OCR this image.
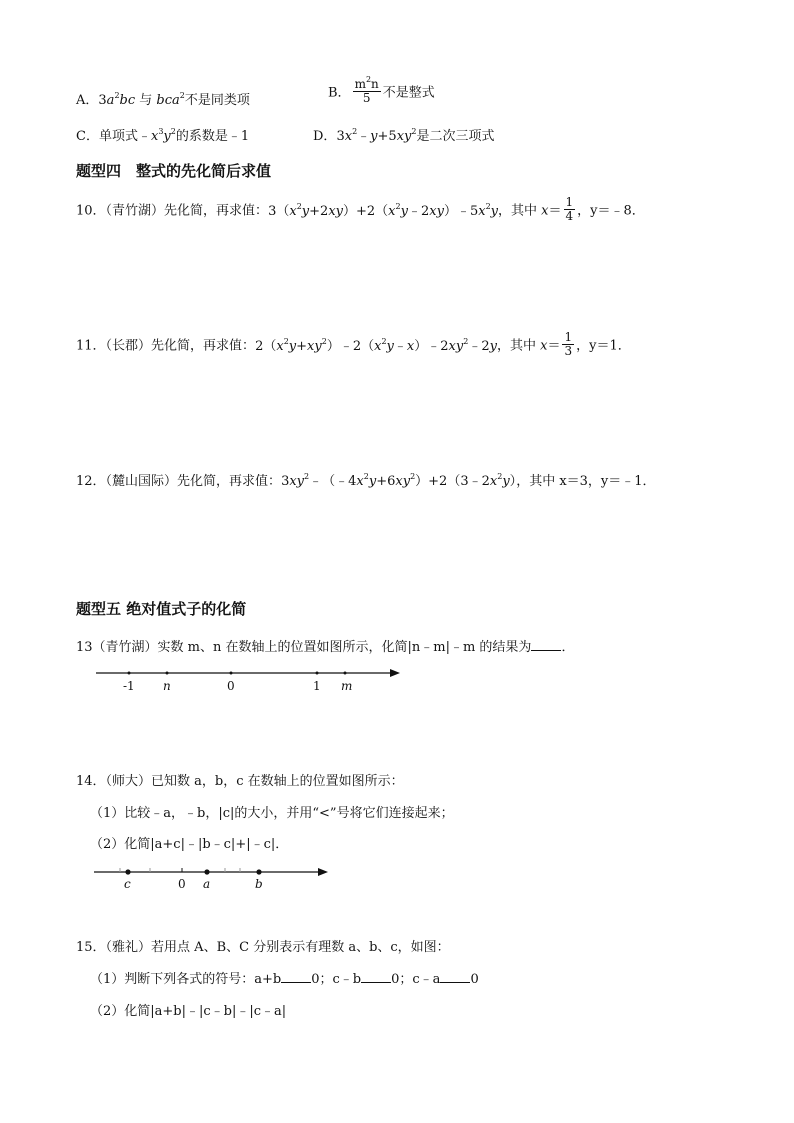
A．$3a^2bc$ 与 bca$^2$不是同类项	B． $\frac{m^2n}{5}$ 不是整式
C．单项式$﹣x^3y^2$的系数是﹣1	D．$3x^2﹣y+5xy^2$是二次三项式
题型四　整式的先化简后求值
10．（青竹湖）先化简，再求值：$3(x^2y+2xy)+2(x^2y﹣2xy)﹣5x^2y$，其中 $x= \frac{1}{4}$ ，y＝﹣8．
11．（长郡）先化简，再求值：$2(x^2y+xy^2)﹣2(x^2y﹣x)﹣2xy^2﹣2y$，其中 $x= \frac{1}{3}$ ，y＝1．
12．（麓山国际）先化简，再求值：$3xy^2﹣(﹣4x^2y+6xy^2)+2(3﹣2x^2y)$，其中 x＝3，y＝﹣1．
题型五 绝对值式子的化简
13（青竹湖）实数 m、n 在数轴上的位置如图所示，化简|n﹣m|﹣m 的结果为 ．
-1 n	0	1 m
14．（师大）已知数 a，b，c 在数轴上的位置如图所示：
（1）比较﹣a，﹣b，|c|的大小，并用“<”号将它们连接起来；
（2）化简|a+c|﹣|b﹣c|+|﹣c|．
c	0 a	b
15．（雅礼）若用点 A、B、C 分别表示有理数 a、b、c，如图：
（1）判断下列各式的符号：a+b 0；c﹣b 0；c﹣a 0
（2）化简|a+b|﹣|c﹣b|﹣|c﹣a|
